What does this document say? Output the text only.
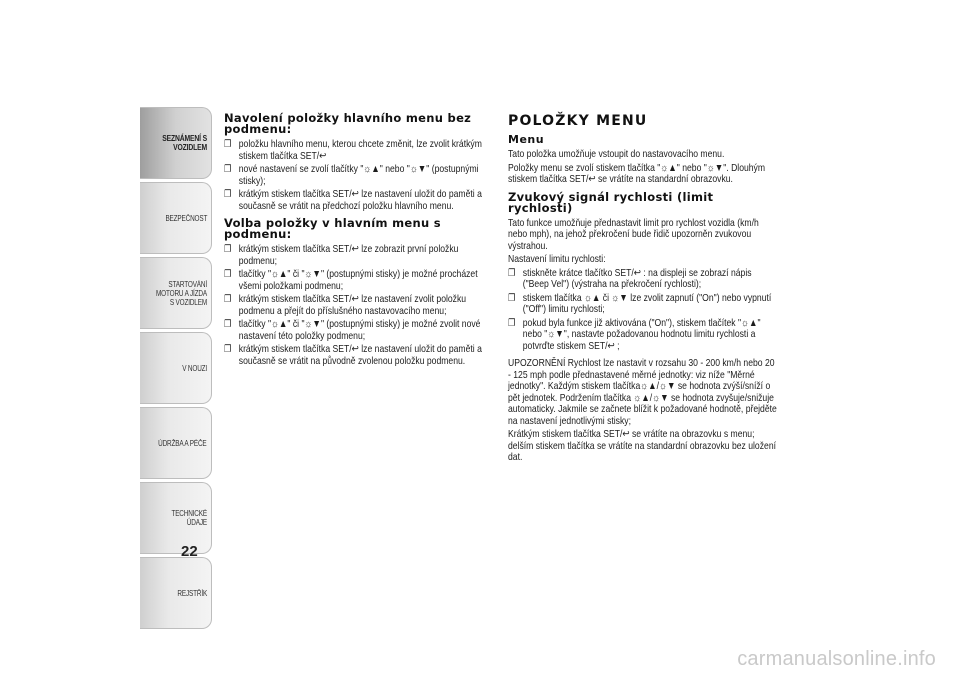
SEZNÁMENÍ S VOZIDLEM
BEZPEČNOST
STARTOVÁNÍ MOTORU A JÍZDA S VOZIDLEM
V NOUZI
ÚDRŽBA A PÉČE
TECHNICKÉ ÚDAJE
REJSTŘÍK
22
Navolení položky hlavního menu bez podmenu:
❐ položku hlavního menu, kterou chcete změnit, lze zvolit krátkým stiskem tlačítka SET/↩
❐ nové nastavení se zvolí tlačítky "☼▲" nebo "☼▼" (postupnými stisky);
❐ krátkým stiskem tlačítka SET/↩ lze nastavení uložit do paměti a současně se vrátit na předchozí položku hlavního menu.
Volba položky v hlavním menu s podmenu:
❐ krátkým stiskem tlačítka SET/↩ lze zobrazit první položku podmenu;
❐ tlačítky "☼▲" či "☼▼" (postupnými stisky) je možné procházet všemi položkami podmenu;
❐ krátkým stiskem tlačítka SET/↩ lze nastavení zvolit položku podmenu a přejít do příslušného nastavovacího menu;
❐ tlačítky "☼▲" či "☼▼" (postupnými stisky) je možné zvolit nové nastavení této položky podmenu;
❐ krátkým stiskem tlačítka SET/↩ lze nastavení uložit do paměti a současně se vrátit na původně zvolenou položku podmenu.
POLOŽKY MENU
Menu

Tato položka umožňuje vstoupit do nastavovacího menu.

Položky menu se zvolí stiskem tlačítka "☼▲" nebo "☼▼". Dlouhým stiskem tlačítka SET/↩ se vrátíte na standardní obrazovku.

Zvukový signál rychlosti (limit rychlosti)

Tato funkce umožňuje přednastavit limit pro rychlost vozidla (km/h nebo mph), na jehož překročení bude řidič upozorněn zvukovou výstrahou.

Nastavení limitu rychlosti:

❐ stiskněte krátce tlačítko SET/↩ : na displeji se zobrazí nápis ("Beep Vel") (výstraha na překročení rychlosti);
❐ stiskem tlačítka ☼▲ či ☼▼ lze zvolit zapnutí ("On") nebo vypnutí ("Off") limitu rychlosti;
❐ pokud byla funkce již aktivována ("On"), stiskem tlačítek "☼▲" nebo "☼▼", nastavte požadovanou hodnotu limitu rychlosti a potvrďte stiskem SET/↩ ;

UPOZORNĚNÍ Rychlost lze nastavit v rozsahu 30 - 200 km/h nebo 20 - 125 mph podle přednastavené měrné jednotky: viz níže "Měrné jednotky". Každým stiskem tlačítka☼▲/☼▼ se hodnota zvýší/sníží o pět jednotek. Podržením tlačítka ☼▲/☼▼ se hodnota zvyšuje/snižuje automaticky. Jakmile se začnete blížit k požadované hodnotě, přejděte na nastavení jednotlivými stisky;

Krátkým stiskem tlačítka SET/↩ se vrátíte na obrazovku s menu; delším stiskem tlačítka se vrátíte na standardní obrazovku bez uložení dat.

carmanualsonline.info
